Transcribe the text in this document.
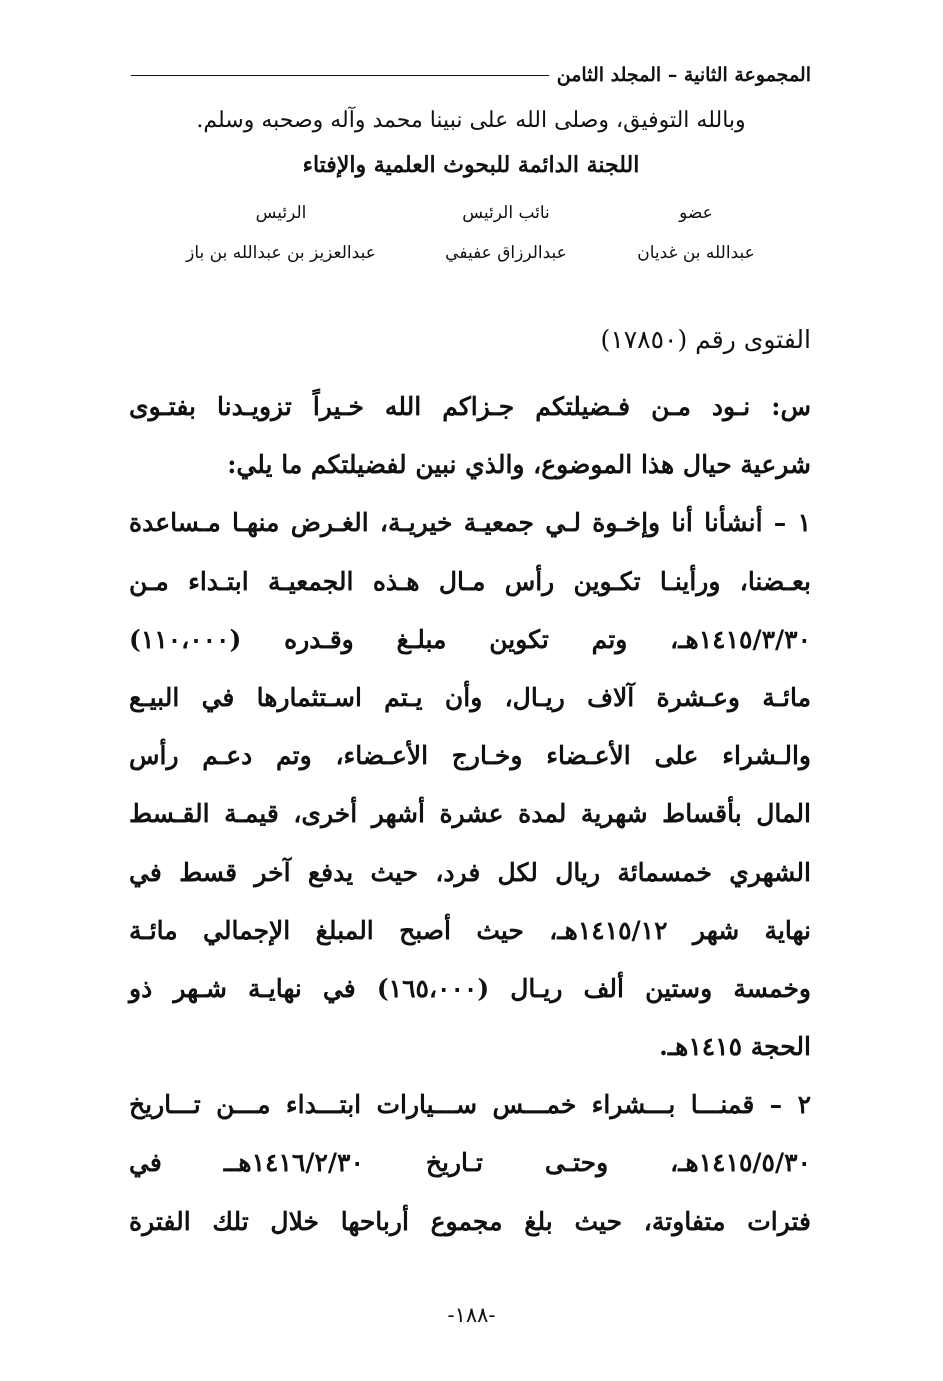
المجموعة الثانية – المجلد الثامن
وبالله التوفيق، وصلى الله على نبينا محمد وآله وصحبه وسلم.
اللجنة الدائمة للبحوث العلمية والإفتاء
عضو
نائب الرئيس
الرئيس
عبدالله بن غديان
عبدالرزاق عفيفي
عبدالعزيز بن عبدالله بن باز
الفتوى رقم (١٧٨٥٠)
س: نـود مـن فـضيلتكم جـزاكم الله خـيراً تزويـدنا بفتـوى
شرعية حيال هذا الموضوع، والذي نبين لفضيلتكم ما يلي:
١ – أنشأنا أنا وإخـوة لـي جمعيـة خيريـة، الغـرض منهـا مـساعدة
بعـضنا، ورأينـا تكـوين رأس مـال هـذه الجمعيـة ابتـداء مـن
١٤١٥/٣/٣٠هـ، وتم تكوين مبلـغ وقـدره (١١٠،٠٠٠)
مائـة وعـشرة آلاف ريـال، وأن يـتم اسـتثمارها في البيـع
والـشراء على الأعـضاء وخـارج الأعـضاء، وتم دعـم رأس
المال بأقساط شهرية لمدة عشرة أشهر أخرى، قيمـة القـسط
الشهري خمسمائة ريال لكل فرد، حيث يدفع آخر قسط في
نهاية شهر ١٤١٥/١٢هـ، حيث أصبح المبلغ الإجمالي مائـة
وخمسة وستين ألف ريـال (١٦٥،٠٠٠) في نهايـة شـهر ذو
الحجة ١٤١٥هـ.
٢ – قمنـــا بـــشراء خمـــس ســـيارات ابتـــداء مـــن تـــاريخ
١٤١٥/٥/٣٠هـ، وحتـى تـاريخ ١٤١٦/٢/٣٠هــ في
فترات متفاوتة، حيث بلغ مجموع أرباحها خلال تلك الفترة
-١٨٨-
